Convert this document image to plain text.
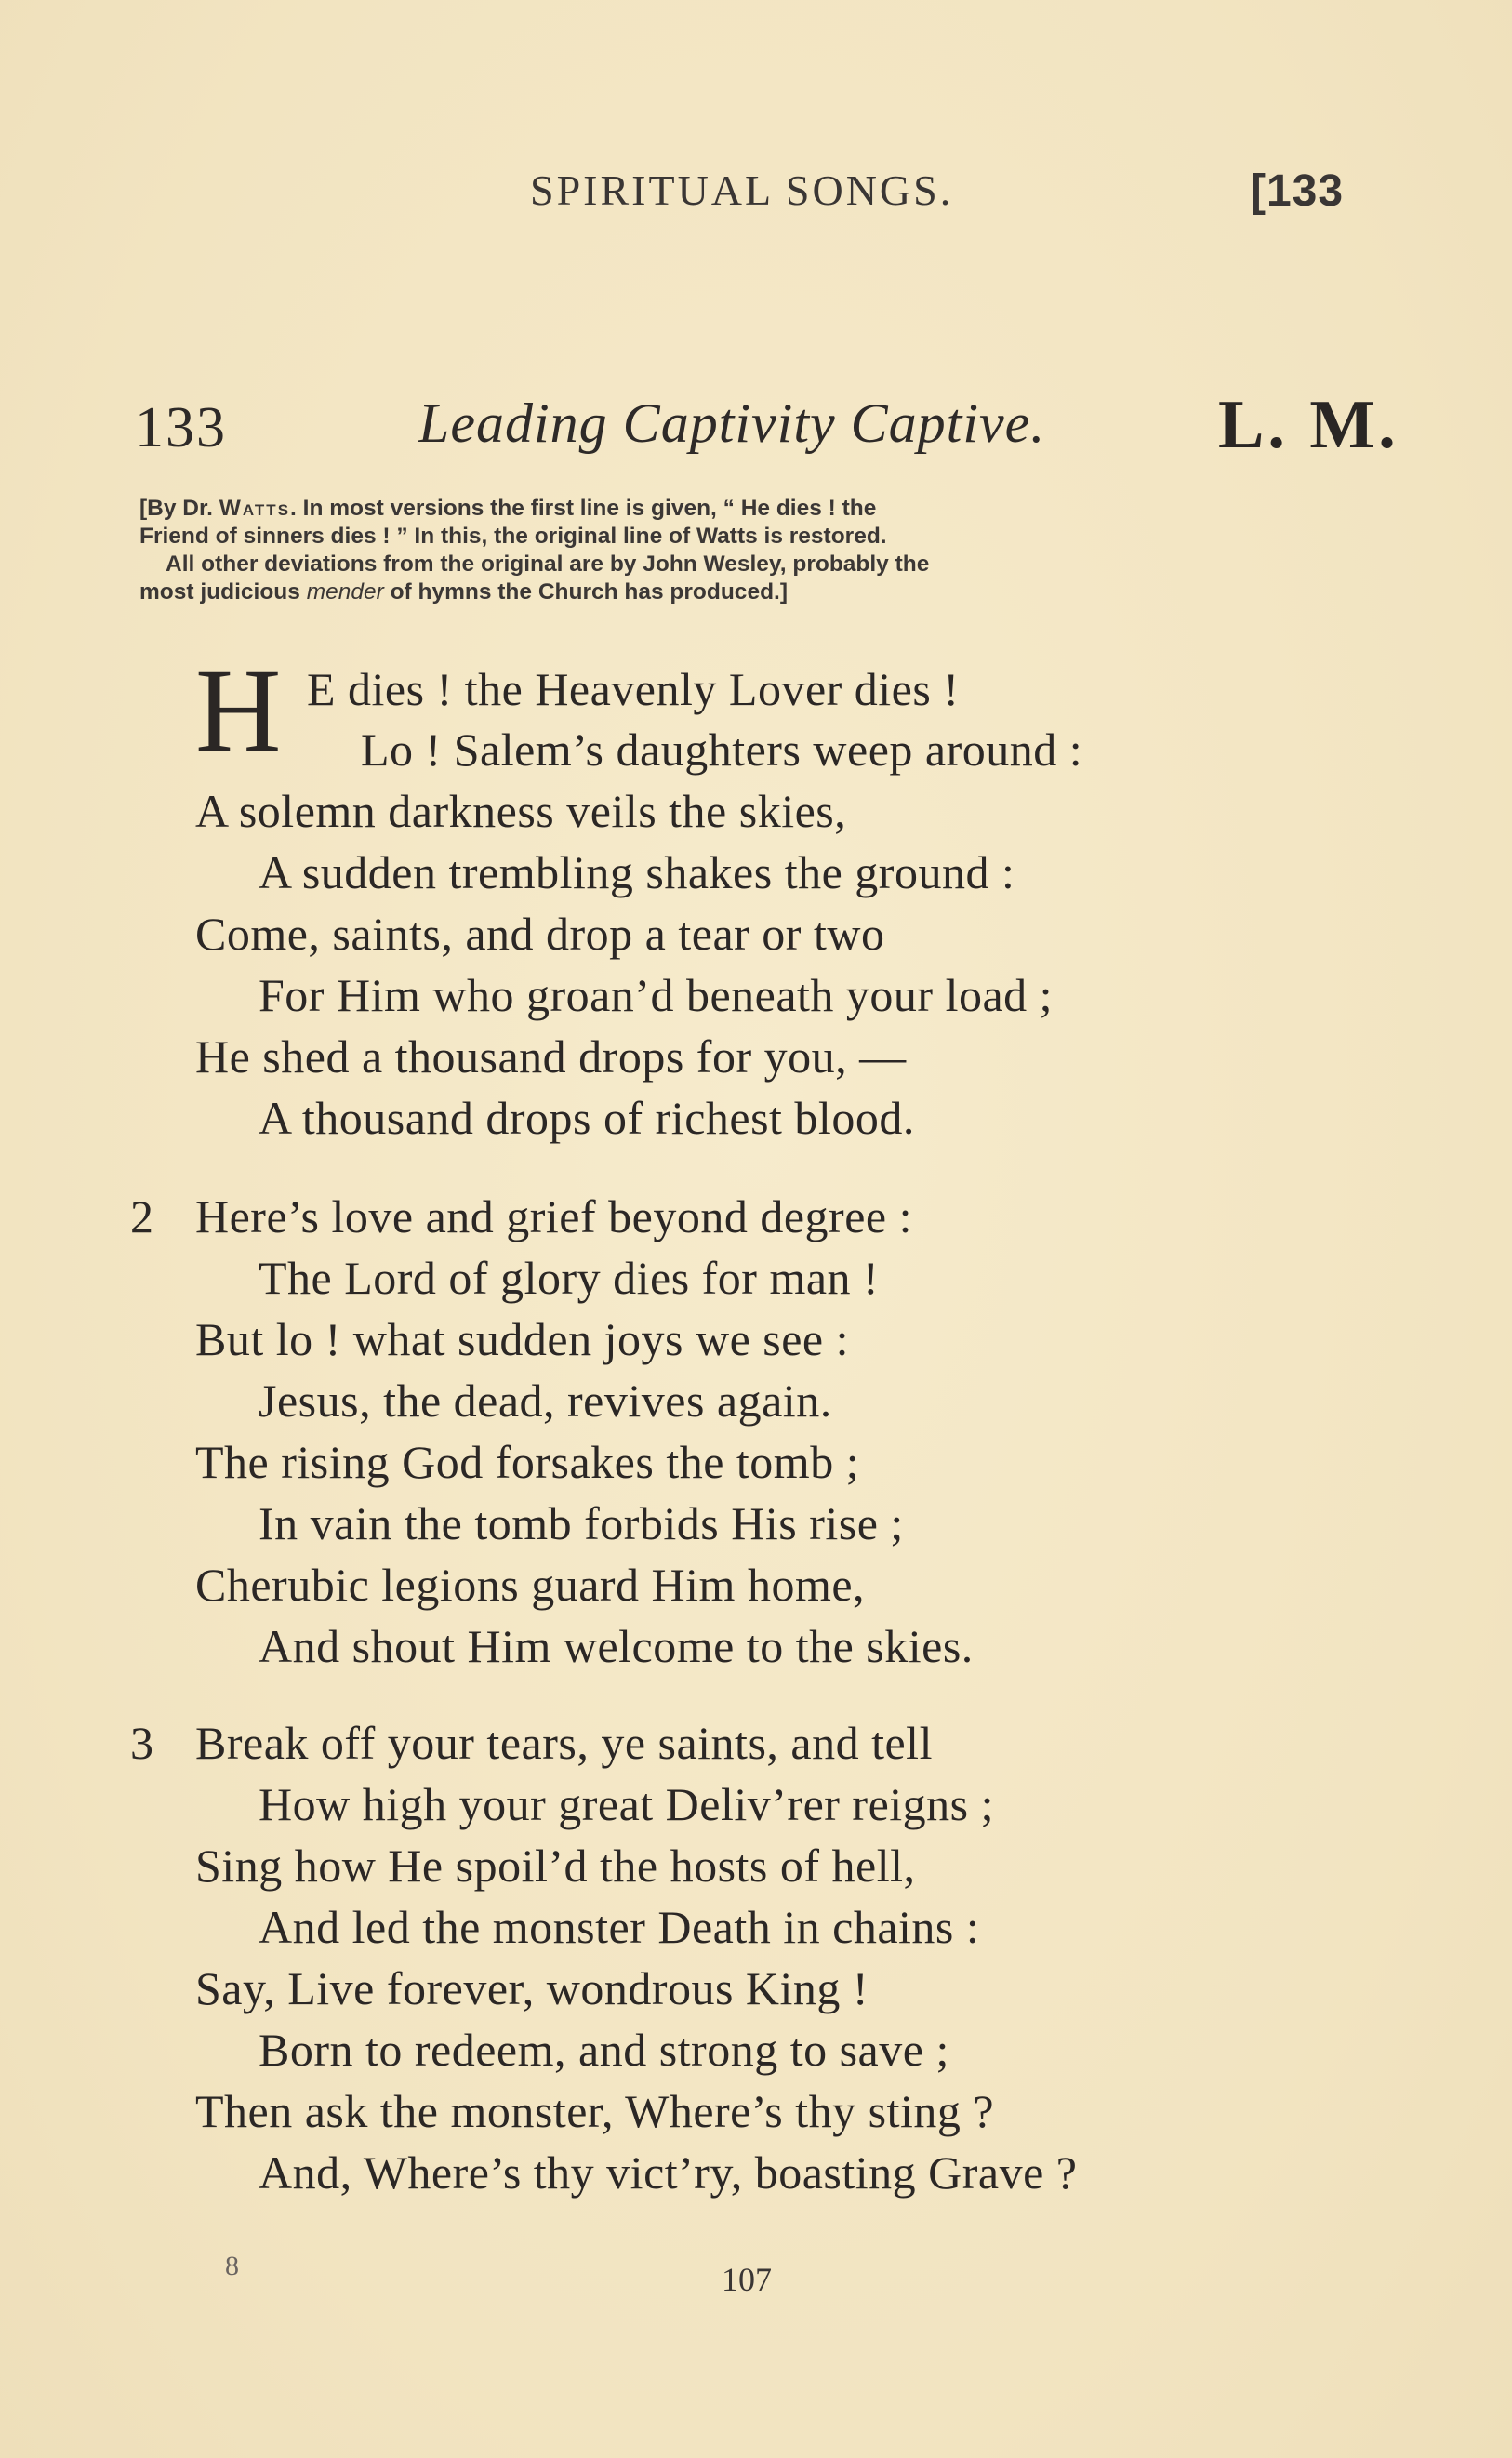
SPIRITUAL SONGS.	[133
133	Leading Captivity Captive.	L. M.
[By Dr. Watts. In most versions the first line is given, “ He dies ! the
Friend of sinners dies ! ” In this, the original line of Watts is restored.
All other deviations from the original are by John Wesley, probably the
most judicious mender of hymns the Church has produced.]
H E dies ! the Heavenly Lover dies !
Lo ! Salem’s daughters weep around :
A solemn darkness veils the skies,
A sudden trembling shakes the ground :
Come, saints, and drop a tear or two
For Him who groan’d beneath your load ;
He shed a thousand drops for you, —
A thousand drops of richest blood.
2 Here’s love and grief beyond degree :
The Lord of glory dies for man !
But lo ! what sudden joys we see :
Jesus, the dead, revives again.
The rising God forsakes the tomb ;
In vain the tomb forbids His rise ;
Cherubic legions guard Him home,
And shout Him welcome to the skies.
3 Break off your tears, ye saints, and tell
How high your great Deliv’rer reigns ;
Sing how He spoil’d the hosts of hell,
And led the monster Death in chains :
Say, Live forever, wondrous King !
Born to redeem, and strong to save ;
Then ask the monster, Where’s thy sting ?
And, Where’s thy vict’ry, boasting Grave ?
8	107
